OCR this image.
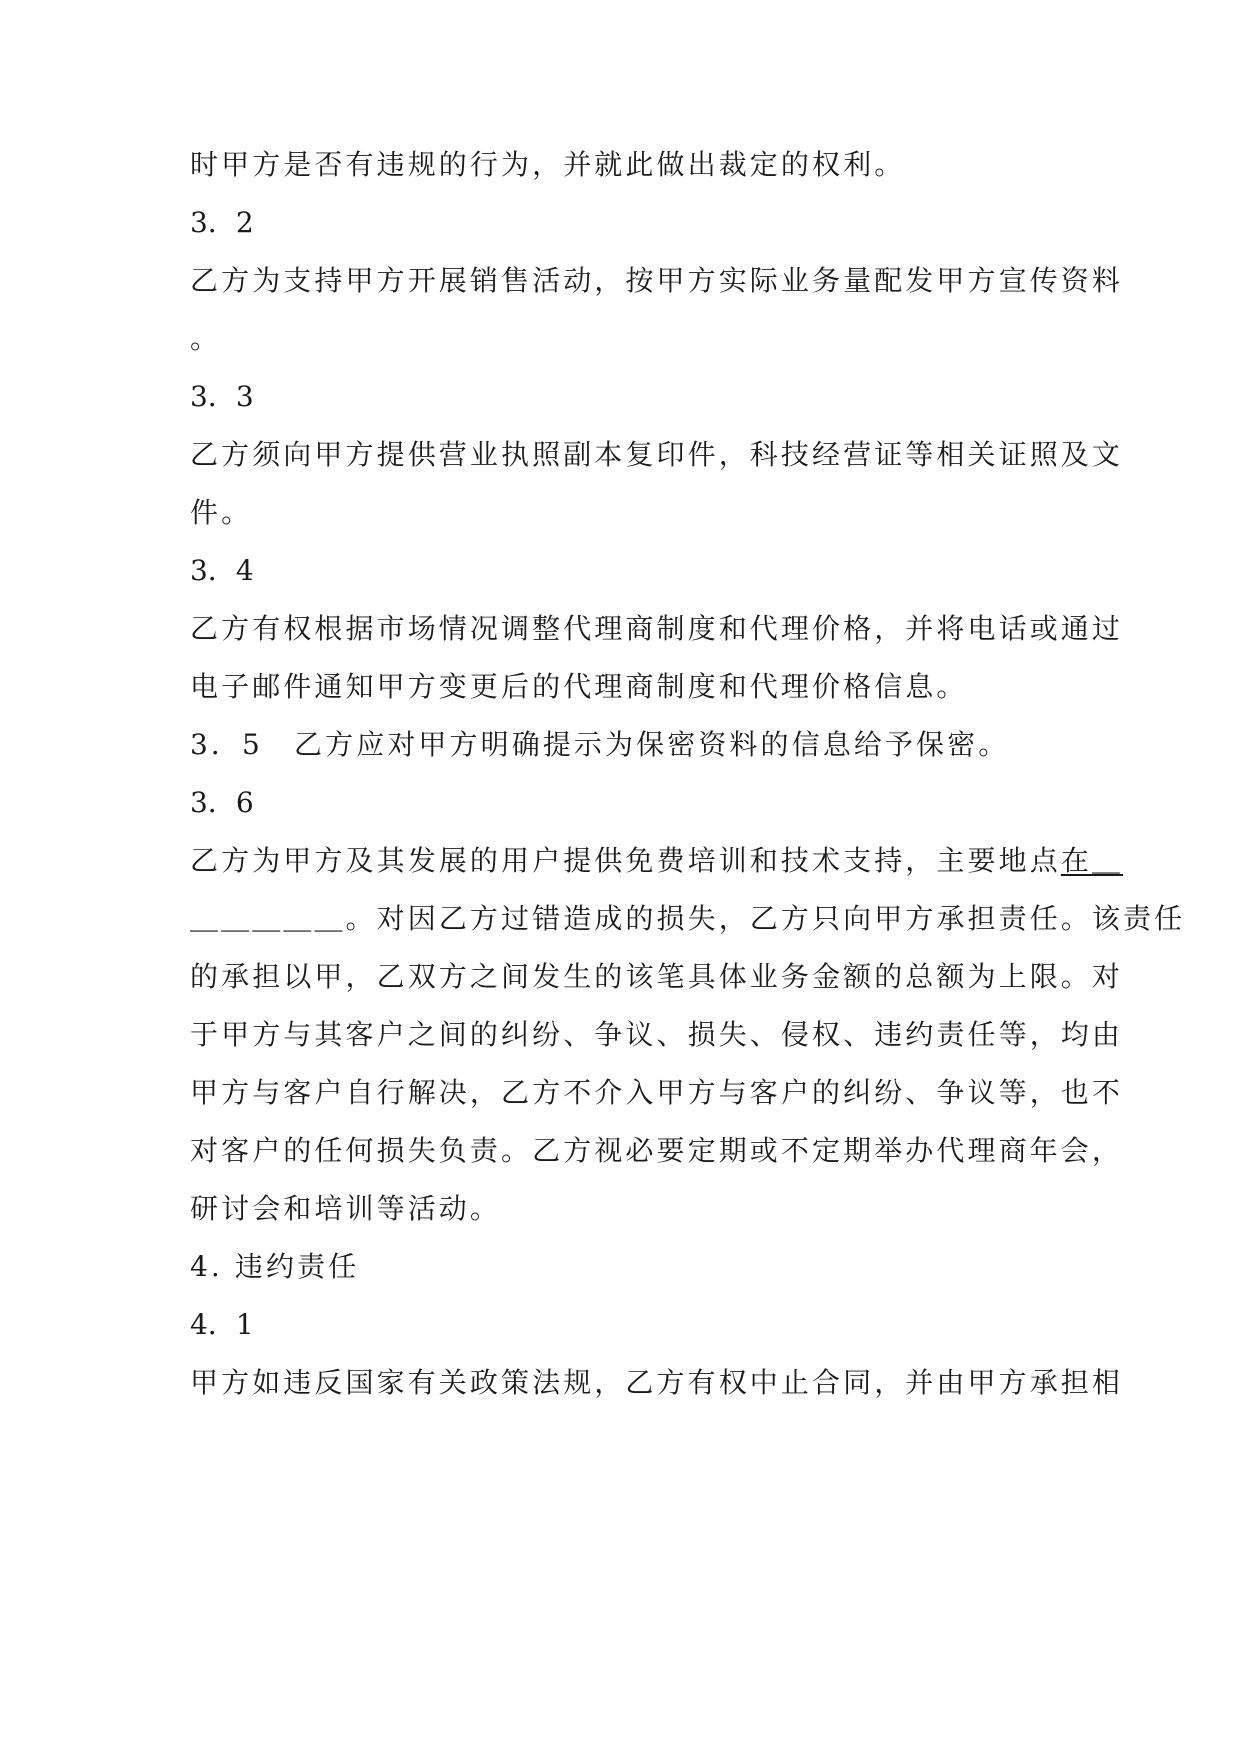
时甲方是否有违规的行为，并就此做出裁定的权利。

3．2

乙方为支持甲方开展销售活动，按甲方实际业务量配发甲方宣传资料

。

3．3

乙方须向甲方提供营业执照副本复印件，科技经营证等相关证照及文

件。

3．4

乙方有权根据市场情况调整代理商制度和代理价格，并将电话或通过

电子邮件通知甲方变更后的代理商制度和代理价格信息。

3．5　乙方应对甲方明确提示为保密资料的信息给予保密。

3．6

乙方为甲方及其发展的用户提供免费培训和技术支持，主要地点在＿

＿＿＿＿＿。对因乙方过错造成的损失，乙方只向甲方承担责任。该责任

的承担以甲，乙双方之间发生的该笔具体业务金额的总额为上限。对

于甲方与其客户之间的纠纷、争议、损失、侵权、违约责任等，均由

甲方与客户自行解决，乙方不介入甲方与客户的纠纷、争议等，也不

对客户的任何损失负责。乙方视必要定期或不定期举办代理商年会，

研讨会和培训等活动。

4. 违约责任

4．1

甲方如违反国家有关政策法规，乙方有权中止合同，并由甲方承担相
